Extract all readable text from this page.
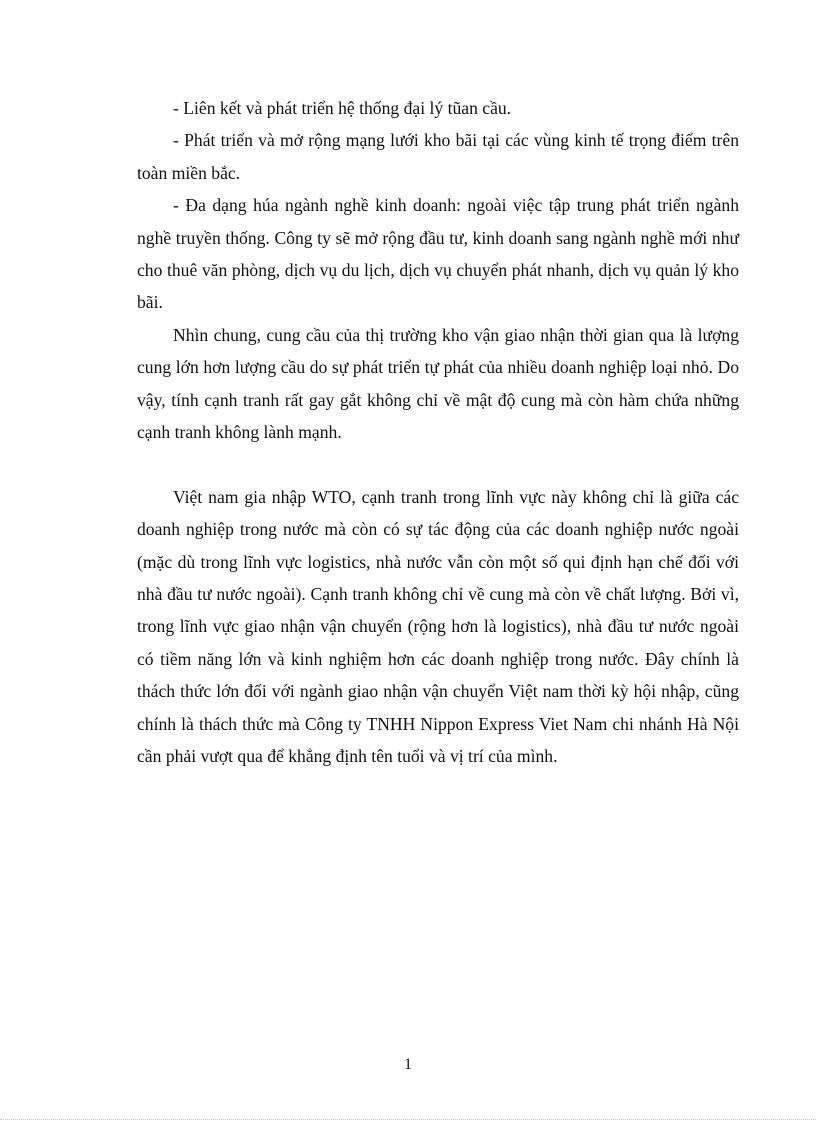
- Liên kết và phát triển hệ thống đại lý tũan cầu.

- Phát triển và mở rộng mạng lưới kho bãi tại các vùng kinh tế trọng điểm trên toàn miền bắc.

- Đa dạng húa ngành nghề kinh doanh: ngoài việc tập trung phát triển ngành nghề truyền thống. Công ty sẽ mở rộng đầu tư, kinh doanh sang ngành nghề mới như cho thuê văn phòng, dịch vụ du lịch, dịch vụ chuyển phát nhanh, dịch vụ quản lý kho bãi.

Nhìn chung, cung cầu của thị trường kho vận giao nhận thời gian qua là lượng cung lớn hơn lượng cầu do sự phát triển tự phát của nhiều doanh nghiệp loại nhỏ. Do vậy, tính cạnh tranh rất gay gắt không chỉ về mật độ cung mà còn hàm chứa những cạnh tranh không lành mạnh.

Việt nam gia nhập WTO, cạnh tranh trong lĩnh vực này không chỉ là giữa các doanh nghiệp trong nước mà còn có sự tác động của các doanh nghiệp nước ngoài (mặc dù trong lĩnh vực logistics, nhà nước vẫn còn một số qui định hạn chế đối với nhà đầu tư nước ngoài). Cạnh tranh không chỉ về cung mà còn về chất lượng. Bởi vì, trong lĩnh vực giao nhận vận chuyển (rộng hơn là logistics), nhà đầu tư nước ngoài có tiềm năng lớn và kinh nghiệm hơn các doanh nghiệp trong nước. Đây chính là thách thức lớn đối với ngành giao nhận vận chuyển Việt nam thời kỳ hội nhập, cũng chính là thách thức mà Công ty TNHH Nippon Express Viet Nam chi nhánh Hà Nội cần phải vượt qua để khẳng định tên tuổi và vị trí của mình.

1
